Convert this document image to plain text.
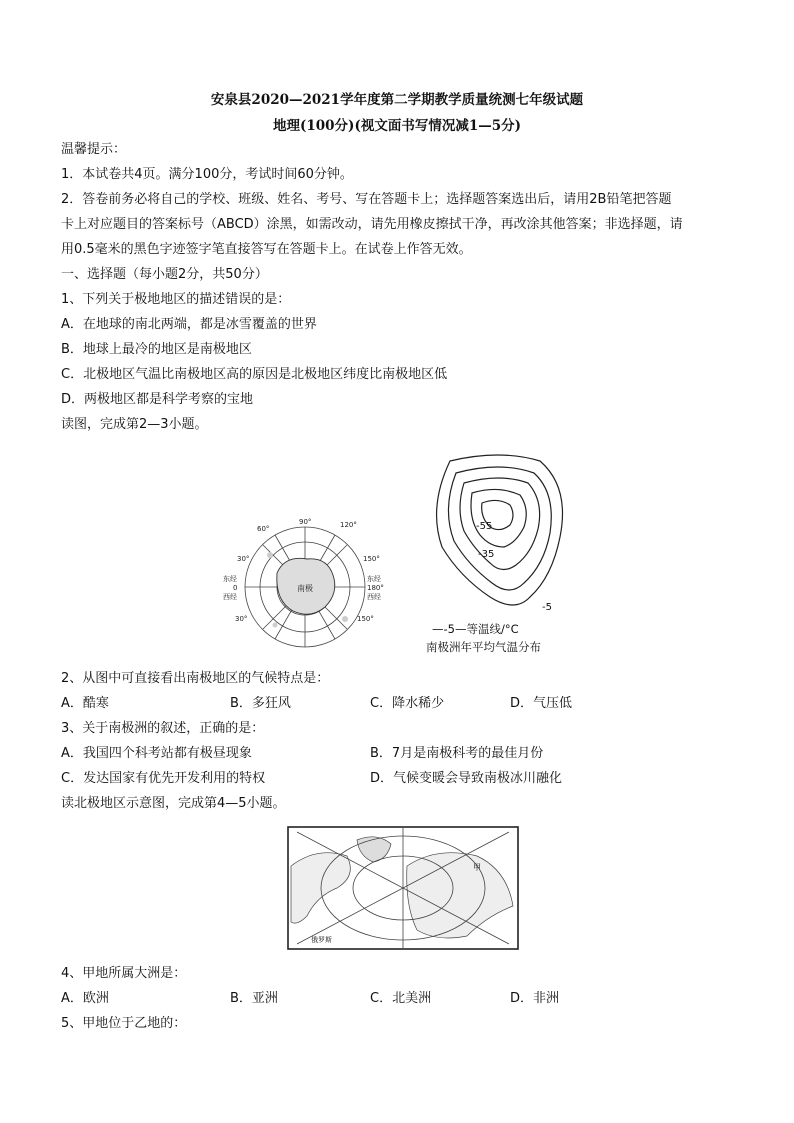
安泉县2020—2021学年度第二学期教学质量统测七年级试题
地理(100分)(视文面书写情况减1—5分)
温馨提示：
1．本试卷共4页。满分100分，考试时间60分钟。
2．答卷前务必将自己的学校、班级、姓名、考号、写在答题卡上；选择题答案选出后，请用2B铅笔把答题
卡上对应题目的答案标号（ABCD）涂黑，如需改动，请先用橡皮擦拭干净，再改涂其他答案；非选择题，请
用0.5毫米的黑色字迹签字笔直接答写在答题卡上。在试卷上作答无效。
一、选择题（每小题2分，共50分）
1、下列关于极地地区的描述错误的是：
A．在地球的南北两端，都是冰雪覆盖的世界
B．地球上最冷的地区是南极地区
C．北极地区气温比南极地区高的原因是北极地区纬度比南极地区低
D．两极地区都是科学考察的宝地
读图，完成第2—3小题。
90°	120°
60°
150°
30°
东经
0
西经
东经
180°
西经
30°	150°
南极
-55
-35
-5
—-5—等温线/°C
南极洲年平均气温分布
2、从图中可直接看出南极地区的气候特点是：
A．酷寒	B．多狂风	C．降水稀少	D．气压低
3、关于南极洲的叙述，正确的是：
A．我国四个科考站都有极昼现象	B．7月是南极科考的最佳月份
C．发达国家有优先开发利用的特权	D．气候变暖会导致南极冰川融化
读北极地区示意图，完成第4—5小题。
甲
俄罗斯
4、甲地所属大洲是：
A．欧洲	B．亚洲	C．北美洲	D．非洲
5、甲地位于乙地的：
